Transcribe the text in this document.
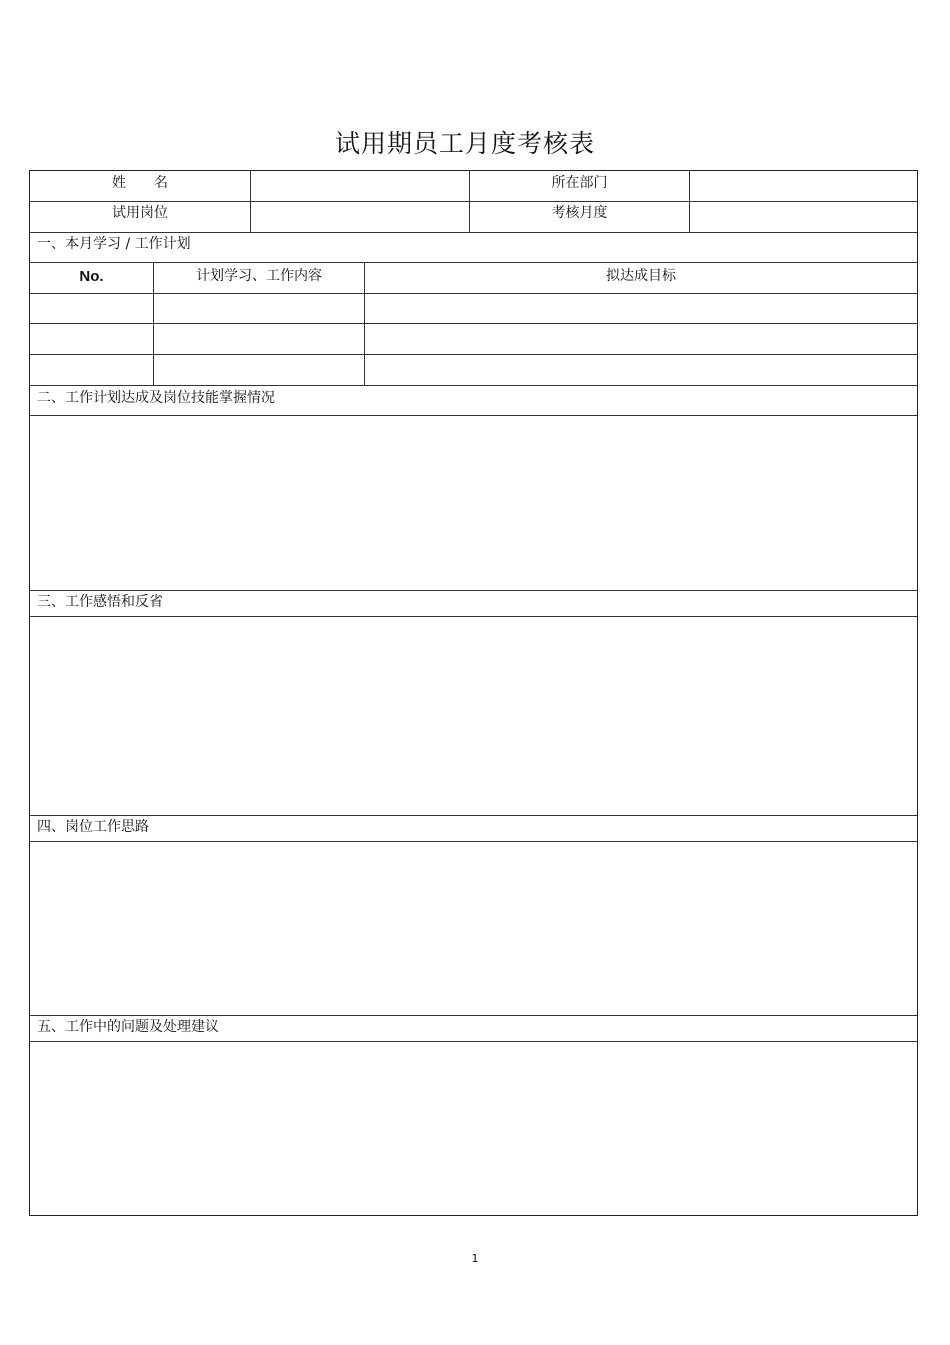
试用期员工月度考核表
姓　　名	所在部门
试用岗位	考核月度
一、本月学习 / 工作计划
No.	计划学习、工作内容	拟达成目标
二、工作计划达成及岗位技能掌握情况
三、工作感悟和反省
四、岗位工作思路
五、工作中的问题及处理建议
1
